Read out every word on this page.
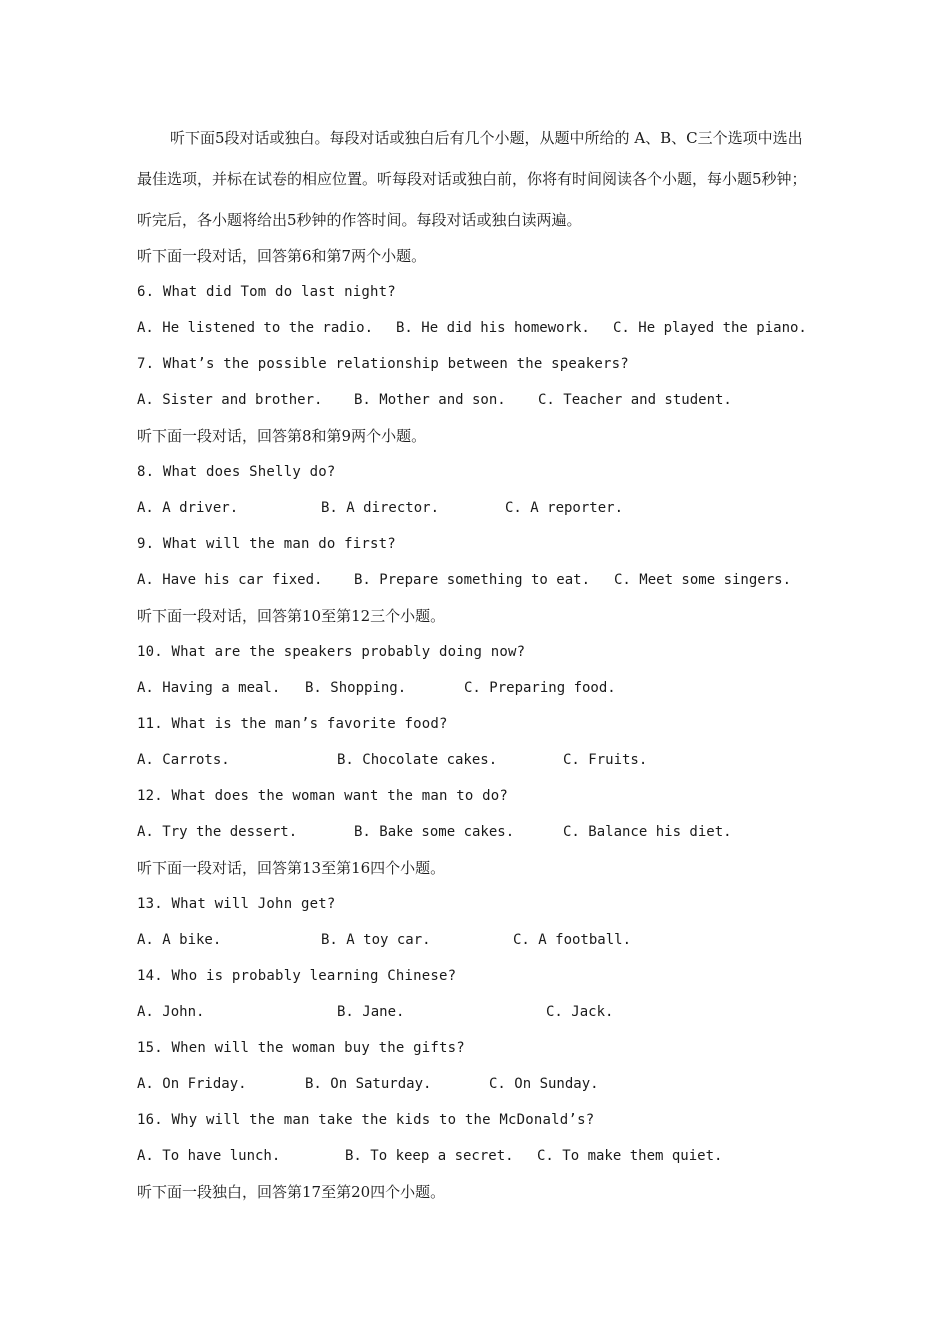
听下面5段对话或独白。每段对话或独白后有几个小题，从题中所给的 A、B、C三个选项中选出最佳选项，并标在试卷的相应位置。听每段对话或独白前，你将有时间阅读各个小题，每小题5秒钟；听完后，各小题将给出5秒钟的作答时间。每段对话或独白读两遍。
听下面一段对话，回答第6和第7两个小题。
6. What did Tom do last night?
A. He listened to the radio.	B. He did his homework.	C. He played the piano.
7. What’s the possible relationship between the speakers?
A. Sister and brother.	B. Mother and son.	C. Teacher and student.
听下面一段对话，回答第8和第9两个小题。
8. What does Shelly do?
A. A driver.	B. A director.	C. A reporter.
9. What will the man do first?
A. Have his car fixed.	B. Prepare something to eat.	C. Meet some singers.
听下面一段对话，回答第10至第12三个小题。
10. What are the speakers probably doing now?
A. Having a meal.	B. Shopping.	C. Preparing food.
11. What is the man’s favorite food?
A. Carrots.	B. Chocolate cakes.	C. Fruits.
12. What does the woman want the man to do?
A. Try the dessert.	B. Bake some cakes.	C. Balance his diet.
听下面一段对话，回答第13至第16四个小题。
13. What will John get?
A. A bike.	B. A toy car.	C. A football.
14. Who is probably learning Chinese?
A. John.	B. Jane.	C. Jack.
15. When will the woman buy the gifts?
A. On Friday.	B. On Saturday.	C. On Sunday.
16. Why will the man take the kids to the McDonald’s?
A. To have lunch.	B. To keep a secret.	C. To make them quiet.
听下面一段独白，回答第17至第20四个小题。
